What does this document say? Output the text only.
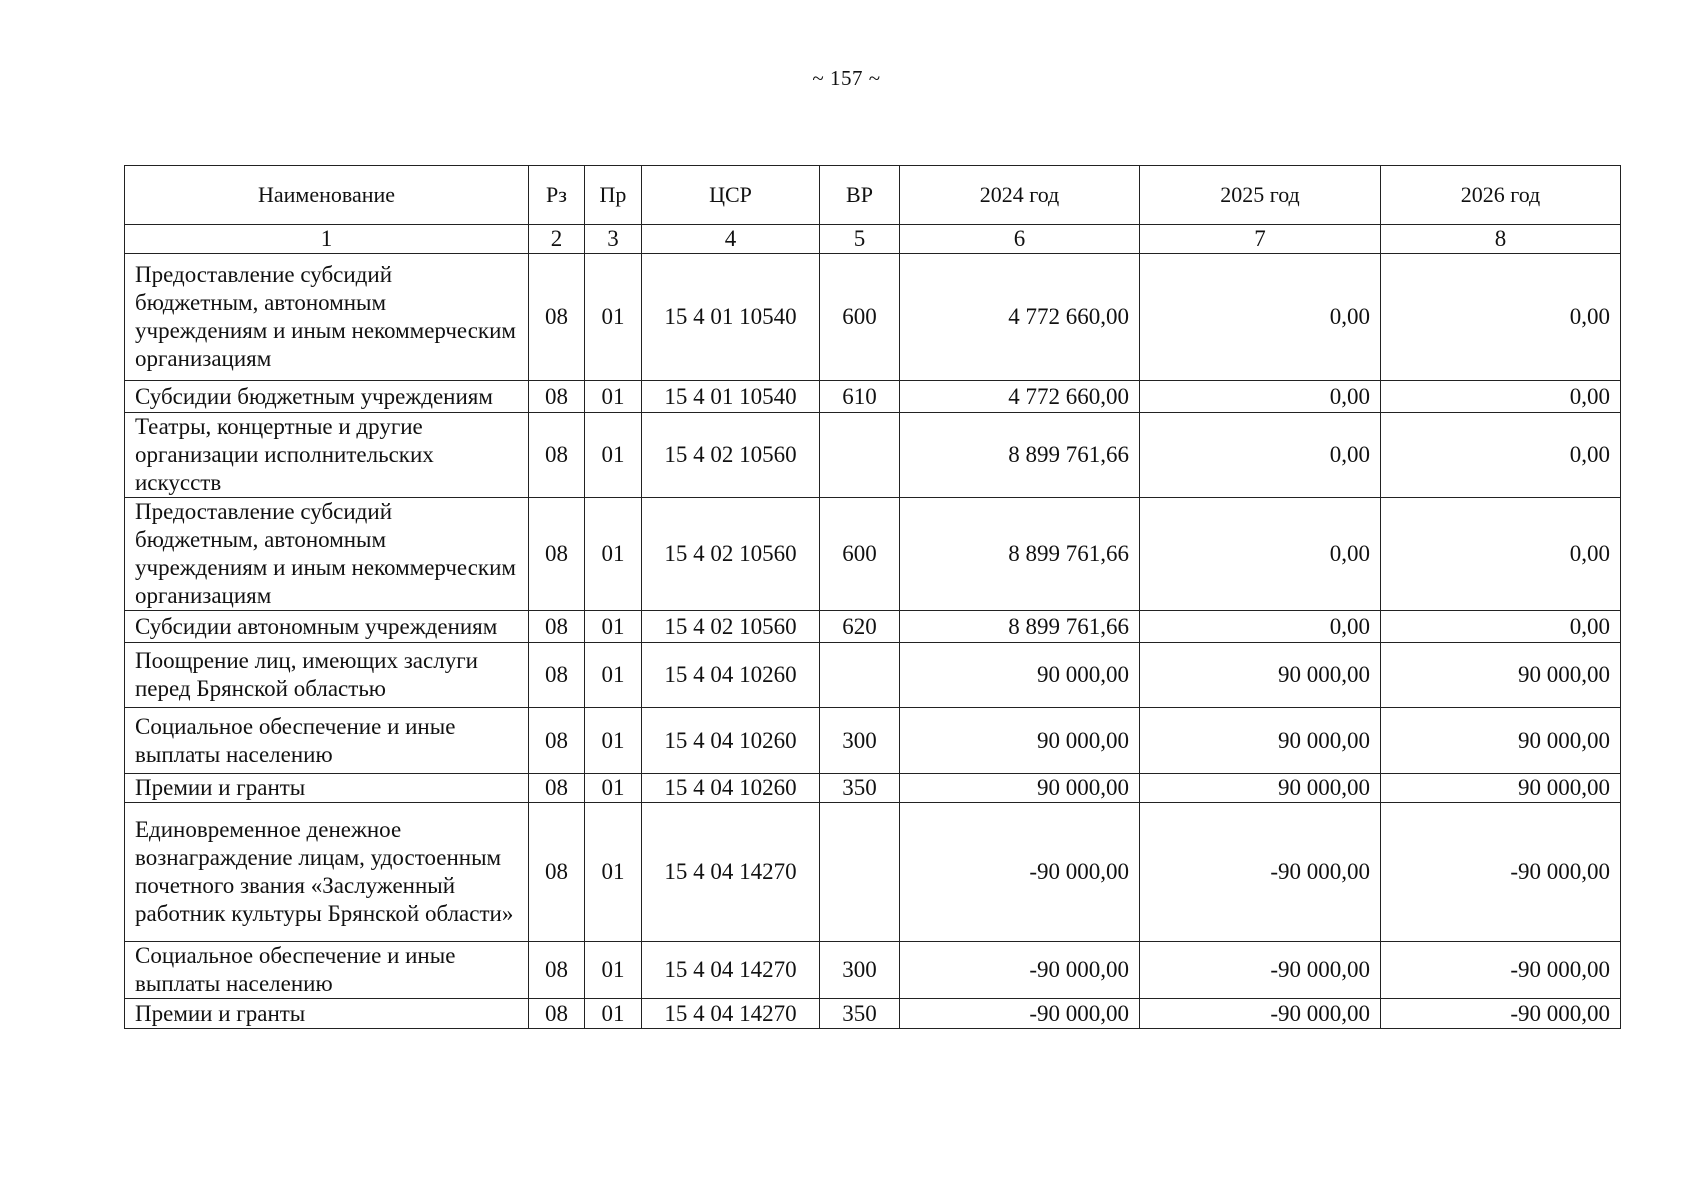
~ 157 ~
Наименование	Рз	Пр	ЦСР	ВР	2024 год	2025 год	2026 год
1	2	3	4	5	6	7	8
Предоставление субсидий бюджетным, автономным учреждениям и иным некоммерческим организациям	08	01	15 4 01 10540	600	4 772 660,00	0,00	0,00
Субсидии бюджетным учреждениям	08	01	15 4 01 10540	610	4 772 660,00	0,00	0,00
Театры, концертные и другие организации исполнительских искусств	08	01	15 4 02 10560		8 899 761,66	0,00	0,00
Предоставление субсидий бюджетным, автономным учреждениям и иным некоммерческим организациям	08	01	15 4 02 10560	600	8 899 761,66	0,00	0,00
Субсидии автономным учреждениям	08	01	15 4 02 10560	620	8 899 761,66	0,00	0,00
Поощрение лиц, имеющих заслуги перед Брянской областью	08	01	15 4 04 10260		90 000,00	90 000,00	90 000,00
Социальное обеспечение и иные выплаты населению	08	01	15 4 04 10260	300	90 000,00	90 000,00	90 000,00
Премии и гранты	08	01	15 4 04 10260	350	90 000,00	90 000,00	90 000,00
Единовременное денежное вознаграждение лицам, удостоенным почетного звания «Заслуженный работник культуры Брянской области»	08	01	15 4 04 14270		-90 000,00	-90 000,00	-90 000,00
Социальное обеспечение и иные выплаты населению	08	01	15 4 04 14270	300	-90 000,00	-90 000,00	-90 000,00
Премии и гранты	08	01	15 4 04 14270	350	-90 000,00	-90 000,00	-90 000,00
